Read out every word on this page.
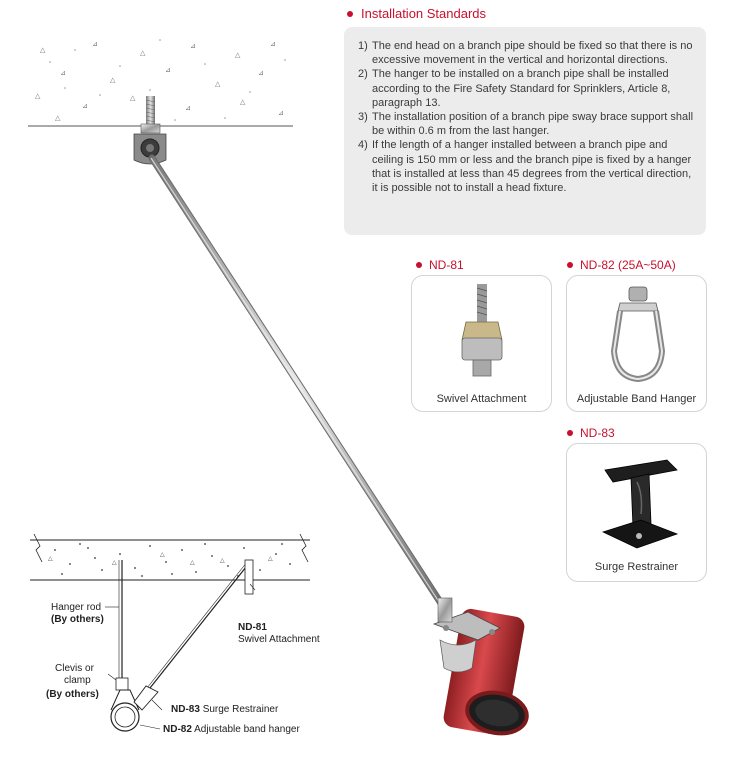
△
⊿
△
⊿
△
⊿
⊿
△
⊿
△
⊿
△
⊿
△
⊿
△
⊿
△
Installation Standards
1) The end head on a branch pipe should be fixed so that there is no excessive movement in the vertical and horizontal directions.
2) The hanger to be installed on a branch pipe shall be installed according to the Fire Safety Standard for Sprinklers, Article 8, paragraph 13.
3) The installation position of a branch pipe sway brace support shall be within 0.6 m from the last hanger.
4) If the length of a hanger installed between a branch pipe and ceiling is 150 mm or less and the branch pipe is fixed by a hanger that is installed at less than 45 degrees from the vertical direction, it is possible not to install a head fixture.
ND-81
Swivel Attachment
ND-82 (25A~50A)
Adjustable Band Hanger
ND-83
Surge Restrainer
△
△
△
△	△
△
Hanger rod
(By others)
Clevis or
clamp
(By others)
ND-81
Swivel Attachment
ND-83 Surge Restrainer
ND-82 Adjustable band hanger
